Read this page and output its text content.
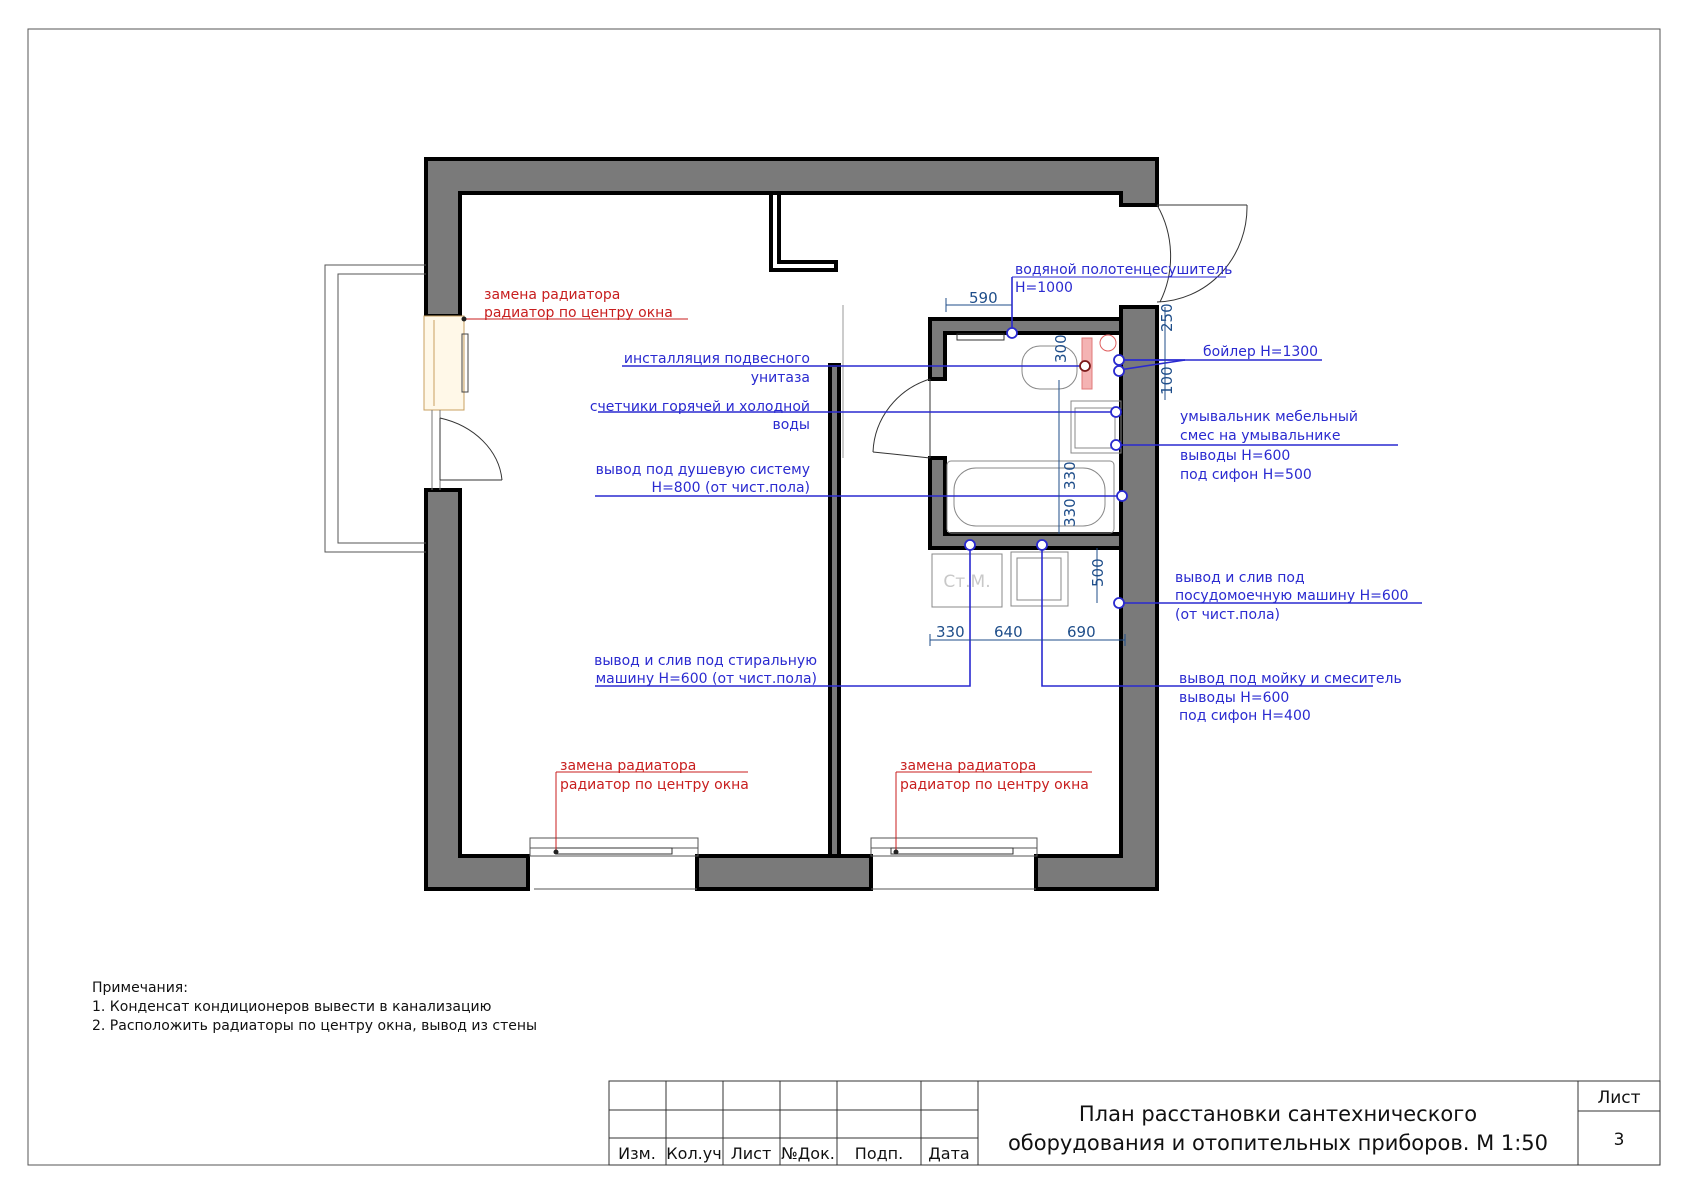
Ст.М.
590
250
100
300
330
330
500
330 640	690
водяной полотенцесушитель
H=1000
бойлер H=1300
инсталляция подвесного
унитаза
счетчики горячей и холодной
воды
вывод под душевую систему
H=800 (от чист.пола)
умывальник мебельный
смес на умывальнике
выводы H=600
под сифон H=500
вывод и слив под
посудомоечную машину H=600
(от чист.пола)
вывод и слив под стиральную
машину H=600 (от чист.пола)	вывод под мойку и смеситель
выводы H=600
под сифон H=400
замена радиатора
радиатор по центру окна
замена радиатора
радиатор по центру окна
замена радиатора
радиатор по центру окна
Изм. Кол.уч Лист №Док. Подп. Дата
План расстановки сантехнического
оборудования и отопительных приборов. М 1:50
Лист
3
Примечания:
1. Конденсат кондиционеров вывести в канализацию
2. Расположить радиаторы по центру окна, вывод из стены
